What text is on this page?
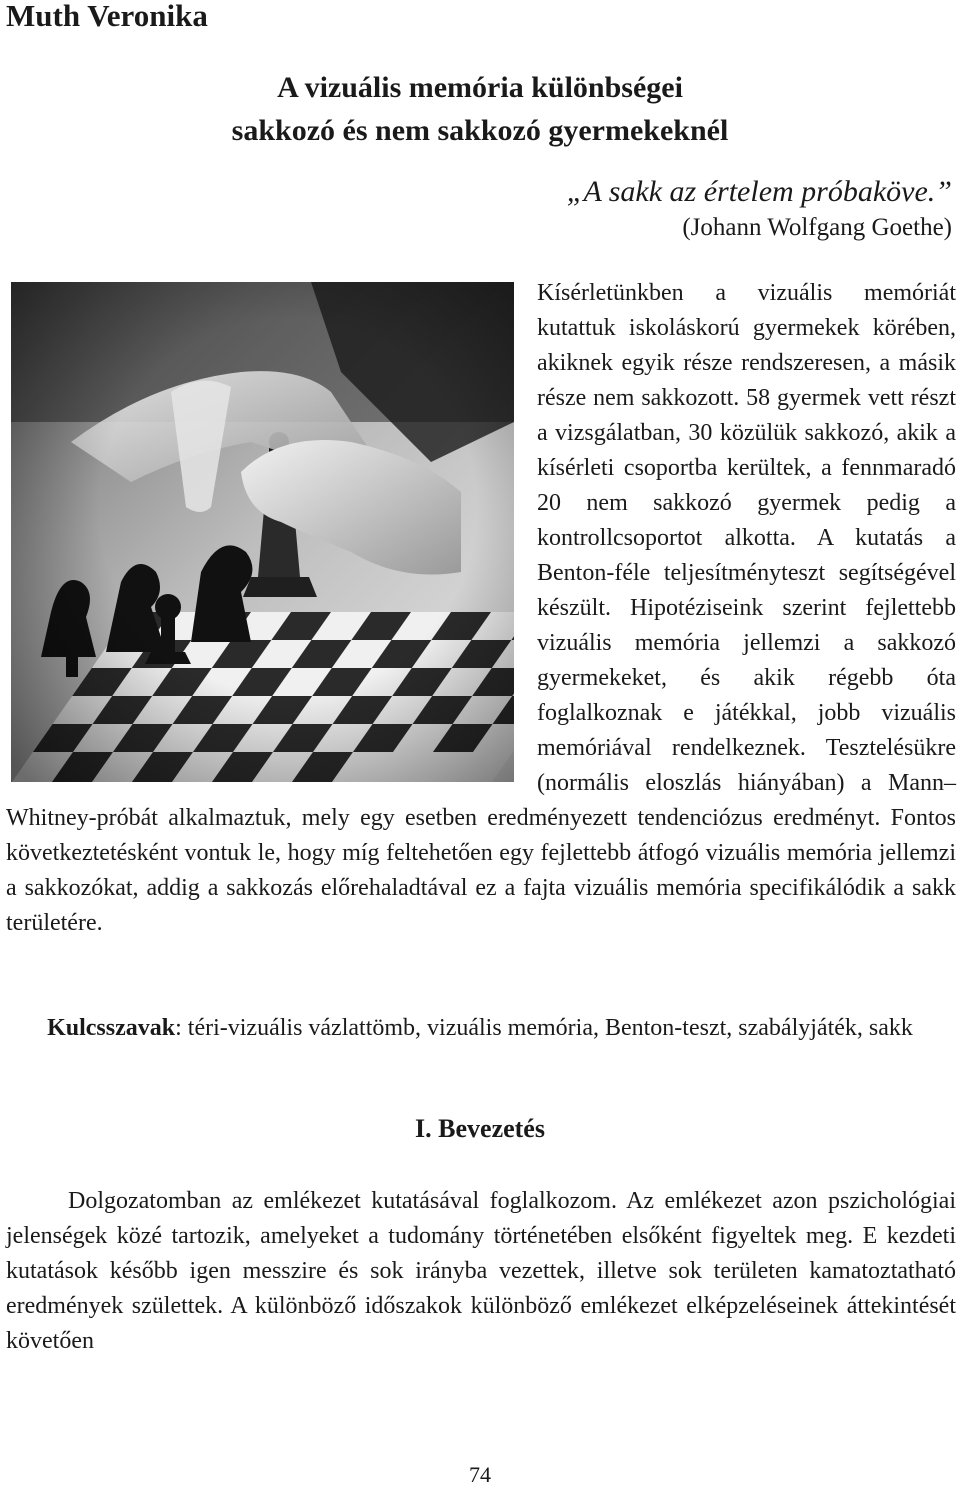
Muth Veronika
A vizuális memória különbségei
sakkozó és nem sakkozó gyermekeknél
„A sakk az értelem próbaköve.”
(Johann Wolfgang Goethe)

Kísérletünkben a vizuális memóriát kutattuk iskoláskorú gyermekek körében, akiknek egyik része rendszeresen, a másik része nem sakkozott. 58 gyermek vett részt a vizsgálatban, 30 közülük sakkozó, akik a kísérleti csoportba kerültek, a fennmaradó 20 nem sakkozó gyermek pedig a kontrollcsoportot alkotta. A kutatás a Benton-féle teljesítményteszt segítségével készült. Hipotéziseink szerint fejlettebb vizuális memória jellemzi a sakkozó gyermekeket, és akik régebb óta foglalkoznak e játékkal, jobb vizuális memóriával rendelkeznek. Tesztelésükre (normális eloszlás hiányában) a Mann–Whitney-próbát alkalmaztuk, mely egy esetben eredményezett tendenciózus eredményt. Fontos következtetésként vontuk le, hogy míg feltehetően egy fejlettebb átfogó vizuális memória jellemzi a sakkozókat, addig a sakkozás előrehaladtával ez a fajta vizuális memória specifikálódik a sakk területére.

Kulcsszavak: téri-vizuális vázlattömb, vizuális memória, Benton-teszt, szabályjáték, sakk
I. Bevezetés

Dolgozatomban az emlékezet kutatásával foglalkozom. Az emlékezet azon pszichológiai jelenségek közé tartozik, amelyeket a tudomány történetében elsőként figyeltek meg. E kezdeti kutatások később igen messzire és sok irányba vezettek, illetve sok területen kamatoztatható eredmények születtek. A különböző időszakok különböző emlékezet elképzeléseinek áttekintését követően

74
